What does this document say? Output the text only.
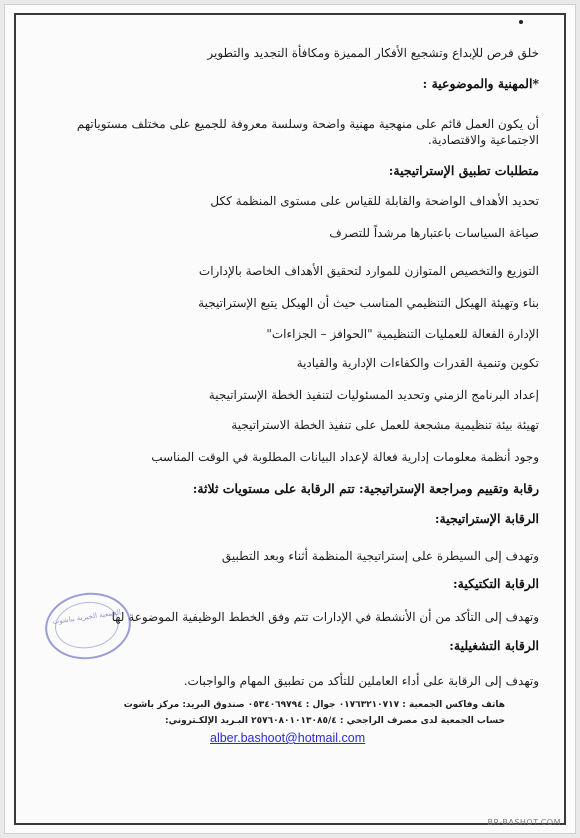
خلق فرص للإبداع وتشجيع الأفكار المميزة ومكافأة التجديد والتطوير
*المهنية والموضوعية :
أن يكون العمل قائم على منهجية مهنية واضحة وسلسة معروفة للجميع على مختلف مستوياتهم
الاجتماعية والاقتصادية.
متطلبات تطبيق الإستراتيجية:
تحديد الأهداف الواضحة والقابلة للقياس على مستوى المنظمة ككل
صياغة السياسات باعتبارها مرشداً للتصرف
التوزيع والتخصيص المتوازن للموارد لتحقيق الأهداف الخاصة بالإدارات
بناء وتهيئة الهيكل التنظيمي المناسب حيث أن الهيكل يتبع الإستراتيجية
الإدارة الفعالة للعمليات التنظيمية "الحوافز – الجزاءات"
تكوين وتنمية القدرات والكفاءات الإدارية والقيادية
إعداد البرنامج الزمني وتحديد المسئوليات لتنفيذ الخطة الإستراتيجية
تهيئة بيئة تنظيمية مشجعة للعمل على تنفيذ الخطة الاستراتيجية
وجود أنظمة معلومات إدارية فعالة لإعداد البيانات المطلوبة في الوقت المناسب
رقابة وتقييم ومراجعة الإستراتيجية: تتم الرقابة على مستويات ثلاثة:
الرقابة الإستراتيجية:
وتهدف إلى السيطرة على إستراتيجية المنظمة أثناء وبعد التطبيق
الرقابة التكتيكية:
وتهدف إلى التأكد من أن الأنشطة في الإدارات تتم وفق الخطط الوظيفية الموضوعة لها
الرقابة التشغيلية:
وتهدف إلى الرقابة على أداء العاملين للتأكد من تطبيق المهام والواجبات.
هاتف وفاكس الجمعية : ٠١٧٦٣٢١٠٧١٧ جوال : ٠٥٣٤٠٦٩٧٩٤ صندوق البريد: مركز باشوت
حساب الجمعية لدى مصرف الراجحي : ٢٥٧٦٠٨٠١٠١٣٠٨٥/٤ البـريد الإلكـتروني:
alber.bashoot@hotmail.com
الجمعية الخيرية بباشوت
BR-BASHOT.COM
